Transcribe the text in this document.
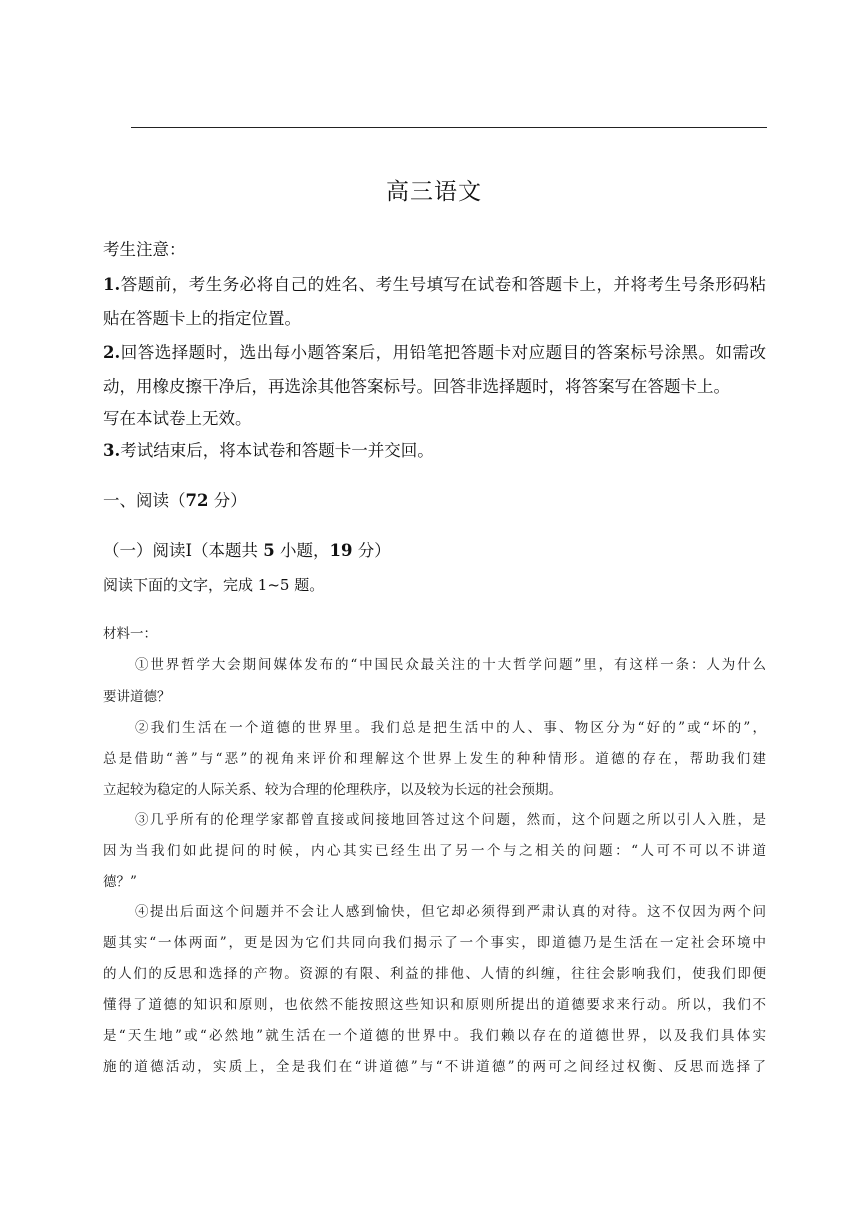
高三语文
考生注意：
1.答题前，考生务必将自己的姓名、考生号填写在试卷和答题卡上，并将考生号条形码粘
贴在答题卡上的指定位置。
2.回答选择题时，选出每小题答案后，用铅笔把答题卡对应题目的答案标号涂黑。如需改
动，用橡皮擦干净后，再选涂其他答案标号。回答非选择题时，将答案写在答题卡上。
写在本试卷上无效。
3.考试结束后，将本试卷和答题卡一并交回。
一、阅读（72 分）
（一）阅读Ⅰ（本题共 5 小题，19 分）
阅读下面的文字，完成 1~5 题。
材料一：
①世界哲学大会期间媒体发布的“中国民众最关注的十大哲学问题”里，有这样一条：人为什么
要讲道德？
②我们生活在一个道德的世界里。我们总是把生活中的人、事、物区分为“好的”或“坏的”，
总是借助“善”与“恶”的视角来评价和理解这个世界上发生的种种情形。道德的存在，帮助我们建
立起较为稳定的人际关系、较为合理的伦理秩序，以及较为长远的社会预期。
③几乎所有的伦理学家都曾直接或间接地回答过这个问题，然而，这个问题之所以引人入胜，是
因为当我们如此提问的时候，内心其实已经生出了另一个与之相关的问题：“人可不可以不讲道
德？”
④提出后面这个问题并不会让人感到愉快，但它却必须得到严肃认真的对待。这不仅因为两个问
题其实“一体两面”，更是因为它们共同向我们揭示了一个事实，即道德乃是生活在一定社会环境中
的人们的反思和选择的产物。资源的有限、利益的排他、人情的纠缠，往往会影响我们，使我们即便
懂得了道德的知识和原则，也依然不能按照这些知识和原则所提出的道德要求来行动。所以，我们不
是“天生地”或“必然地”就生活在一个道德的世界中。我们赖以存在的道德世界，以及我们具体实
施的道德活动，实质上，全是我们在“讲道德”与“不讲道德”的两可之间经过权衡、反思而选择了
